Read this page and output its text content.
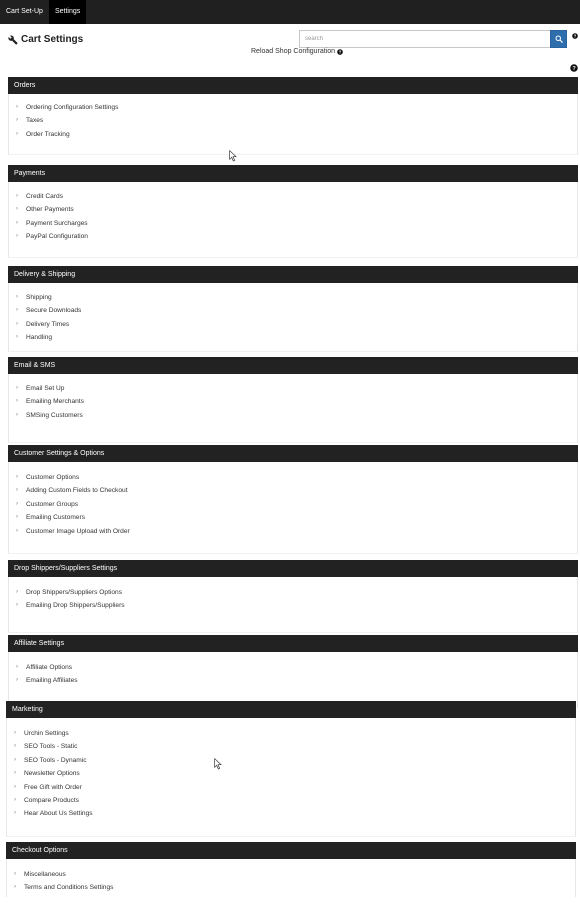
Cart Set-Up	Settings
Cart Settings
search	?
Reload Shop Configuration ?
?
Orders
› Ordering Configuration Settings
› Taxes
› Order Tracking
Payments
› Credit Cards
› Other Payments
› Payment Surcharges
› PayPal Configuration
Delivery & Shipping
› Shipping
› Secure Downloads
› Delivery Times
› Handling
Email & SMS
› Email Set Up
› Emailing Merchants
› SMSing Customers
Customer Settings & Options
› Customer Options
› Adding Custom Fields to Checkout
› Customer Groups
› Emailing Customers
› Customer Image Upload with Order
Drop Shippers/Suppliers Settings
› Drop Shippers/Suppliers Options
› Emailing Drop Shippers/Suppliers
Affiliate Settings
› Affiliate Options
› Emailing Affiliates
Marketing
› Urchin Settings
› SEO Tools - Static
› SEO Tools - Dynamic
› Newsletter Options
› Free Gift with Order
› Compare Products
› Hear About Us Settings
Checkout Options
› Miscellaneous
› Terms and Conditions Settings
